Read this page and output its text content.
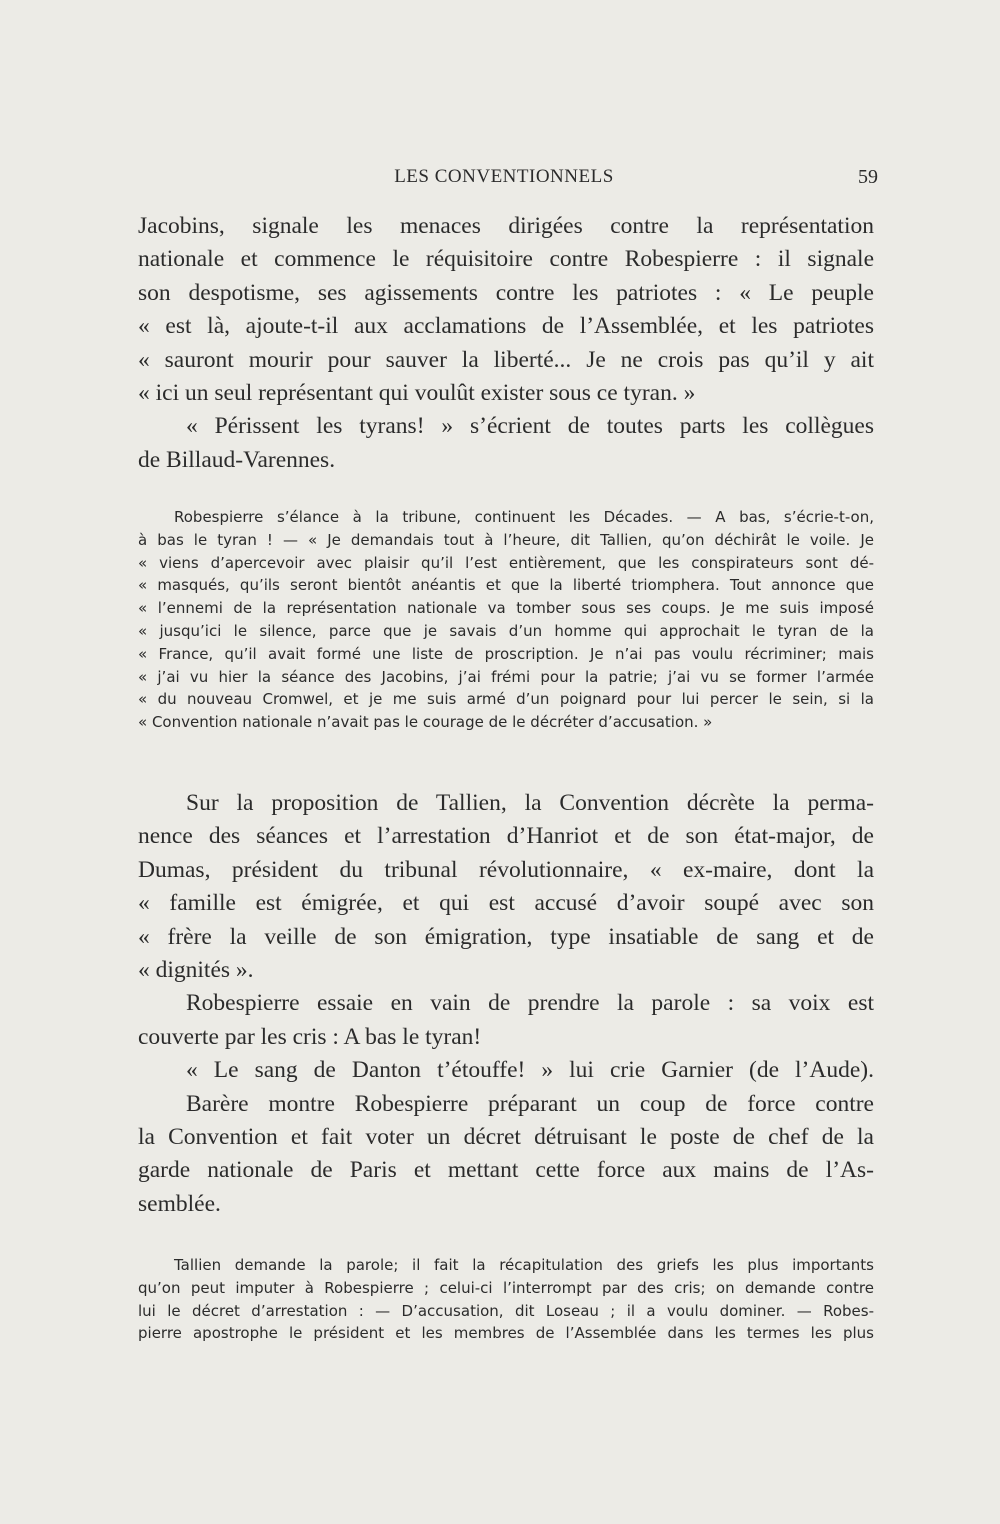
LES CONVENTIONNELS	59
Jacobins, signale les menaces dirigées contre la représentation
nationale et commence le réquisitoire contre Robespierre : il signale
son despotisme, ses agissements contre les patriotes : « Le peuple
« est là, ajoute-t-il aux acclamations de l’Assemblée, et les patriotes
« sauront mourir pour sauver la liberté... Je ne crois pas qu’il y ait
« ici un seul représentant qui voulût exister sous ce tyran. »
« Périssent les tyrans! » s’écrient de toutes parts les collègues
de Billaud-Varennes.
Robespierre s’élance à la tribune, continuent les Décades. — A bas, s’écrie-t-on,
à bas le tyran ! — « Je demandais tout à l’heure, dit Tallien, qu’on déchirât le voile. Je
« viens d’apercevoir avec plaisir qu’il l’est entièrement, que les conspirateurs sont dé-
« masqués, qu’ils seront bientôt anéantis et que la liberté triomphera. Tout annonce que
« l’ennemi de la représentation nationale va tomber sous ses coups. Je me suis imposé
« jusqu’ici le silence, parce que je savais d’un homme qui approchait le tyran de la
« France, qu’il avait formé une liste de proscription. Je n’ai pas voulu récriminer; mais
« j’ai vu hier la séance des Jacobins, j’ai frémi pour la patrie; j’ai vu se former l’armée
« du nouveau Cromwel, et je me suis armé d’un poignard pour lui percer le sein, si la
« Convention nationale n’avait pas le courage de le décréter d’accusation. »
Sur la proposition de Tallien, la Convention décrète la perma-
nence des séances et l’arrestation d’Hanriot et de son état-major, de
Dumas, président du tribunal révolutionnaire, « ex-maire, dont la
« famille est émigrée, et qui est accusé d’avoir soupé avec son
« frère la veille de son émigration, type insatiable de sang et de
« dignités ».
Robespierre essaie en vain de prendre la parole : sa voix est
couverte par les cris : A bas le tyran!
« Le sang de Danton t’étouffe! » lui crie Garnier (de l’Aude).
Barère montre Robespierre préparant un coup de force contre
la Convention et fait voter un décret détruisant le poste de chef de la
garde nationale de Paris et mettant cette force aux mains de l’As-
semblée.
Tallien demande la parole; il fait la récapitulation des griefs les plus importants
qu’on peut imputer à Robespierre ; celui-ci l’interrompt par des cris; on demande contre
lui le décret d’arrestation : — D’accusation, dit Loseau ; il a voulu dominer. — Robes-
pierre apostrophe le président et les membres de l’Assemblée dans les termes les plus
